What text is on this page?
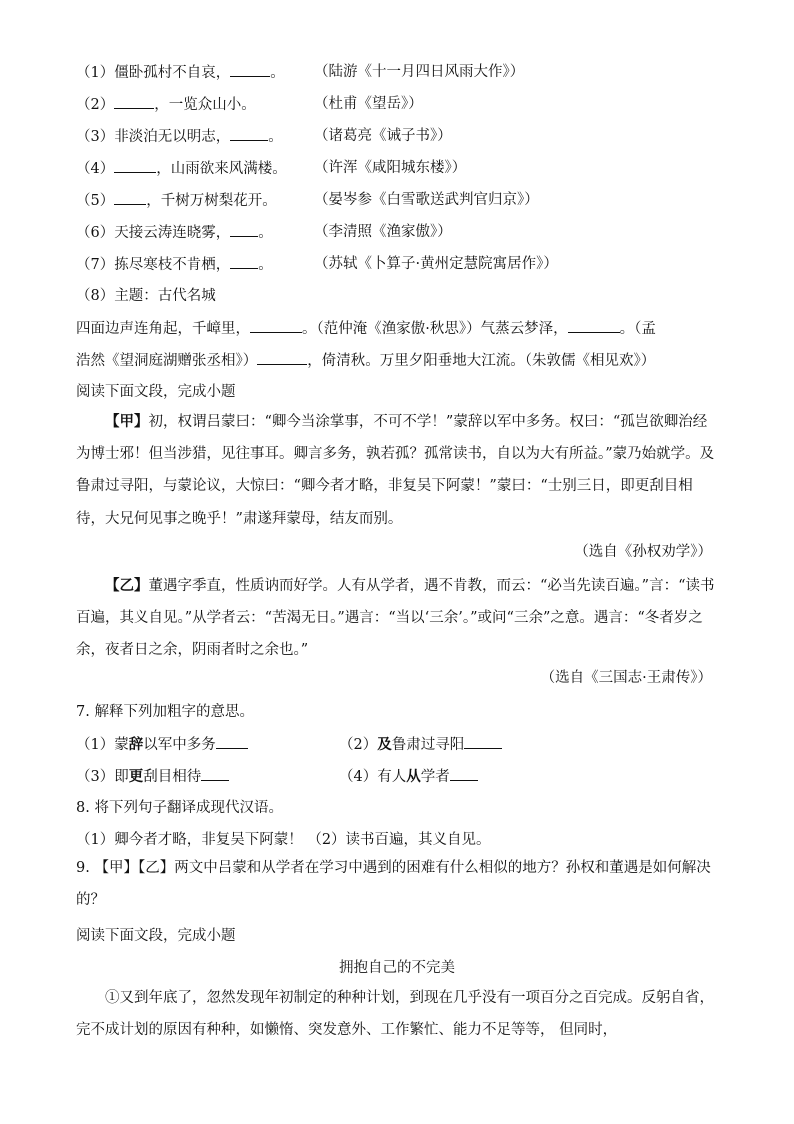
（1）僵卧孤村不自哀，	。 （陆游《十一月四日风雨大作》）
（2）	，一览众山小。	（杜甫《望岳》）
（3）非淡泊无以明志，	。 （诸葛亮《诫子书》）
（4）	，山雨欲来风满楼。 （许浑《咸阳城东楼》）
（5） ，千树万树梨花开。	（晏岑参《白雪歌送武判官归京》）
（6）天接云涛连晓雾， 。	（李清照《渔家傲》）
（7）拣尽寒枝不肯栖， 。	（苏轼《卜算子·黄州定慧院寓居作》）
（8）主题：古代名城
四面边声连角起，千嶂里，	。（范仲淹《渔家傲·秋思》）气蒸云梦泽，	。（孟
浩然《望洞庭湖赠张丞相》）	，倚清秋。万里夕阳垂地大江流。（朱敦儒《相见欢》）
阅读下面文段，完成小题
【甲】初，权谓吕蒙曰：“卿今当涂掌事，不可不学！”蒙辞以军中多务。权曰：“孤岂欲卿治经为博士邪！但当涉猎，见往事耳。卿言多务，孰若孤？孤常读书，自以为大有所益。”蒙乃始就学。及鲁肃过寻阳，与蒙论议，大惊曰：“卿今者才略，非复吴下阿蒙！”蒙曰：“士别三日，即更刮目相待，大兄何见事之晚乎！”肃遂拜蒙母，结友而别。
（选自《孙权劝学》）
【乙】董遇字季直，性质讷而好学。人有从学者，遇不肯教，而云：“必当先读百遍。”言：“读书百遍，其义自见。”从学者云：“苦渴无日。”遇言：“当以‘三余’。”或问“三余”之意。遇言：“冬者岁之余，夜者日之余，阴雨者时之余也。”
（选自《三国志·王肃传》）
7. 解释下列加粗字的意思。
（1）蒙辞以军中多务	（2）及鲁肃过寻阳
（3）即更刮目相待	（4）有人从学者
8. 将下列句子翻译成现代汉语。
（1）卿今者才略，非复吴下阿蒙！ （2）读书百遍，其义自见。
9. 【甲】【乙】两文中吕蒙和从学者在学习中遇到的困难有什么相似的地方？孙权和董遇是如何解决的？
阅读下面文段，完成小题
拥抱自己的不完美
①又到年底了，忽然发现年初制定的种种计划，到现在几乎没有一项百分之百完成。反躬自省，完不成计划的原因有种种，如懒惰、突发意外、工作繁忙、能力不足等等， 但同时，
